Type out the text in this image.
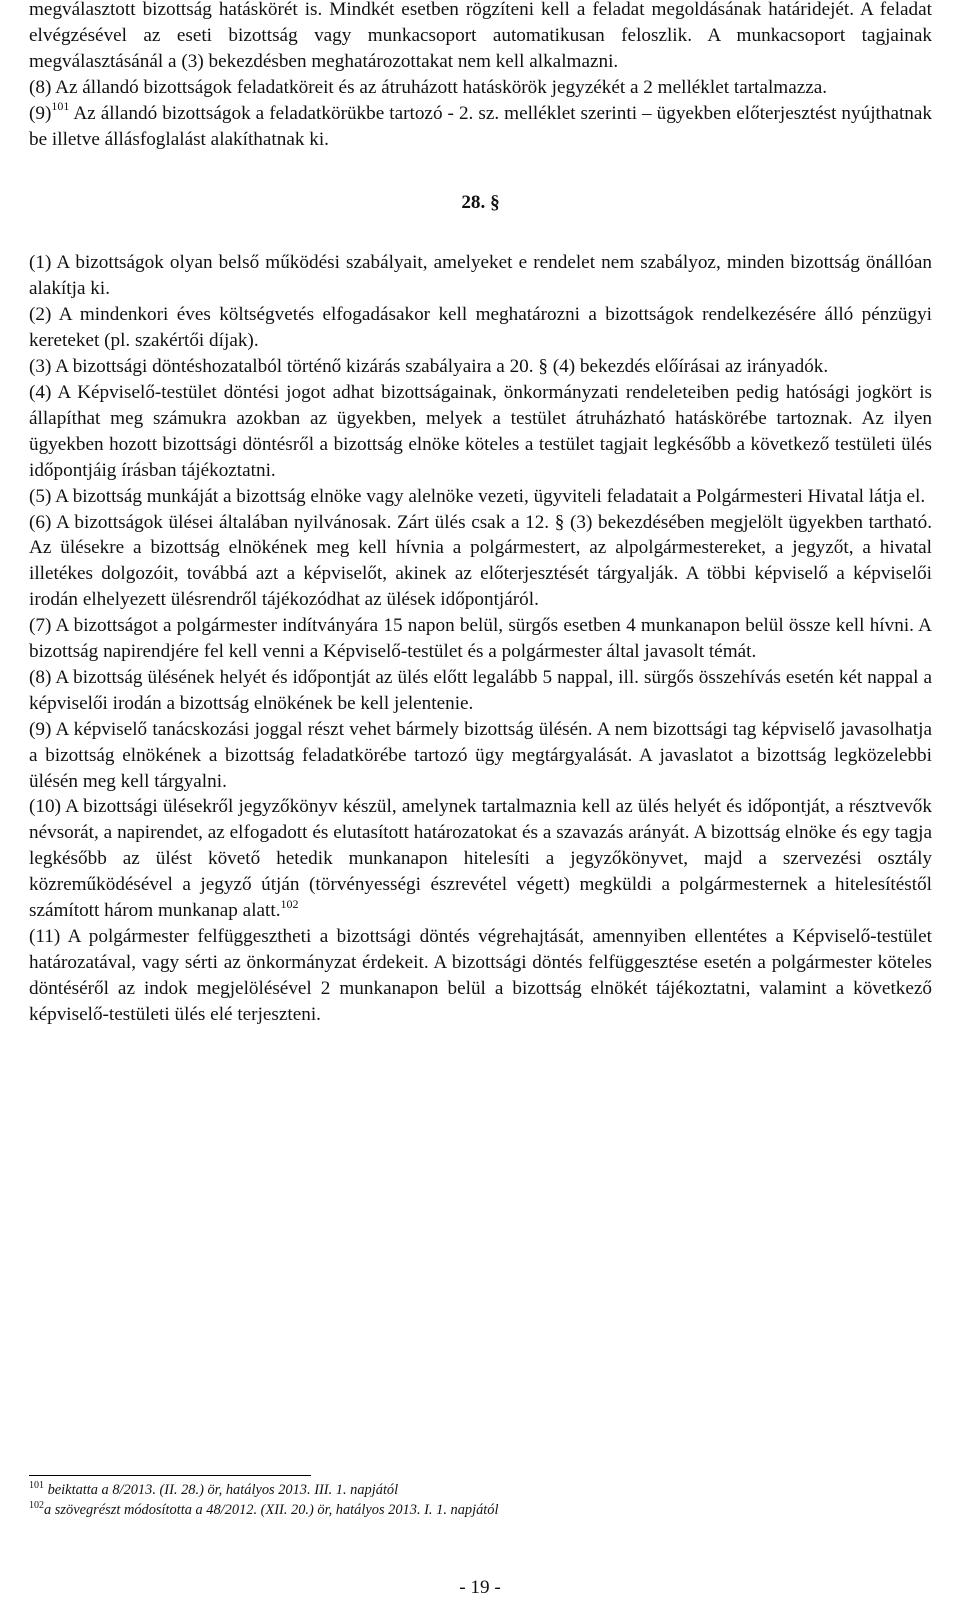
megválasztott bizottság hatáskörét is. Mindkét esetben rögzíteni kell a feladat megoldásának határidejét. A feladat elvégzésével az eseti bizottság vagy munkacsoport automatikusan feloszlik. A munkacsoport tagjainak megválasztásánál a (3) bekezdésben meghatározottakat nem kell alkalmazni.

(8) Az állandó bizottságok feladatköreit és az átruházott hatáskörök jegyzékét a 2 melléklet tartalmazza.

$(9)^{101}$ Az állandó bizottságok a feladatkörükbe tartozó - 2. sz. melléklet szerinti – ügyekben előterjesztést nyújthatnak be illetve állásfoglalást alakíthatnak ki.

28. §

(1) A bizottságok olyan belső működési szabályait, amelyeket e rendelet nem szabályoz, minden bizottság önállóan alakítja ki.

(2) A mindenkori éves költségvetés elfogadásakor kell meghatározni a bizottságok rendelkezésére álló pénzügyi kereteket (pl. szakértői díjak).

(3) A bizottsági döntéshozatalból történő kizárás szabályaira a 20. § (4) bekezdés előírásai az irányadók.

(4) A Képviselő-testület döntési jogot adhat bizottságainak, önkormányzati rendeleteiben pedig hatósági jogkört is állapíthat meg számukra azokban az ügyekben, melyek a testület átruházható hatáskörébe tartoznak. Az ilyen ügyekben hozott bizottsági döntésről a bizottság elnöke köteles a testület tagjait legkésőbb a következő testületi ülés időpontjáig írásban tájékoztatni.

(5) A bizottság munkáját a bizottság elnöke vagy alelnöke vezeti, ügyviteli feladatait a Polgármesteri Hivatal látja el.

(6) A bizottságok ülései általában nyilvánosak. Zárt ülés csak a 12. § (3) bekezdésében megjelölt ügyekben tartható. Az ülésekre a bizottság elnökének meg kell hívnia a polgármestert, az alpolgármestereket, a jegyzőt, a hivatal illetékes dolgozóit, továbbá azt a képviselőt, akinek az előterjesztését tárgyalják. A többi képviselő a képviselői irodán elhelyezett ülésrendről tájékozódhat az ülések időpontjáról.

(7) A bizottságot a polgármester indítványára 15 napon belül, sürgős esetben 4 munkanapon belül össze kell hívni. A bizottság napirendjére fel kell venni a Képviselő-testület és a polgármester által javasolt témát.

(8) A bizottság ülésének helyét és időpontját az ülés előtt legalább 5 nappal, ill. sürgős összehívás esetén két nappal a képviselői irodán a bizottság elnökének be kell jelentenie.

(9) A képviselő tanácskozási joggal részt vehet bármely bizottság ülésén. A nem bizottsági tag képviselő javasolhatja a bizottság elnökének a bizottság feladatkörébe tartozó ügy megtárgyalását. A javaslatot a bizottság legközelebbi ülésén meg kell tárgyalni.

(10) A bizottsági ülésekről jegyzőkönyv készül, amelynek tartalmaznia kell az ülés helyét és időpontját, a résztvevők névsorát, a napirendet, az elfogadott és elutasított határozatokat és a szavazás arányát. A bizottság elnöke és egy tagja legkésőbb az ülést követő hetedik munkanapon hitelesíti a jegyzőkönyvet, majd a szervezési osztály közreműködésével a jegyző útján (törvényességi észrevétel végett) megküldi a polgármesternek a hitelesítéstől számított három munkanap alatt.$^{102}$

(11) A polgármester felfüggesztheti a bizottsági döntés végrehajtását, amennyiben ellentétes a Képviselő-testület határozatával, vagy sérti az önkormányzat érdekeit. A bizottsági döntés felfüggesztése esetén a polgármester köteles döntéséről az indok megjelölésével 2 munkanapon belül a bizottság elnökét tájékoztatni, valamint a következő képviselő-testületi ülés elé terjeszteni.

$^{101}$ beiktatta a 8/2013. (II. 28.) ör, hatályos 2013. III. 1. napjától

$^{102}$a szövegrészt módosította a 48/2012. (XII. 20.) ör, hatályos 2013. I. 1. napjától

- 19 -
